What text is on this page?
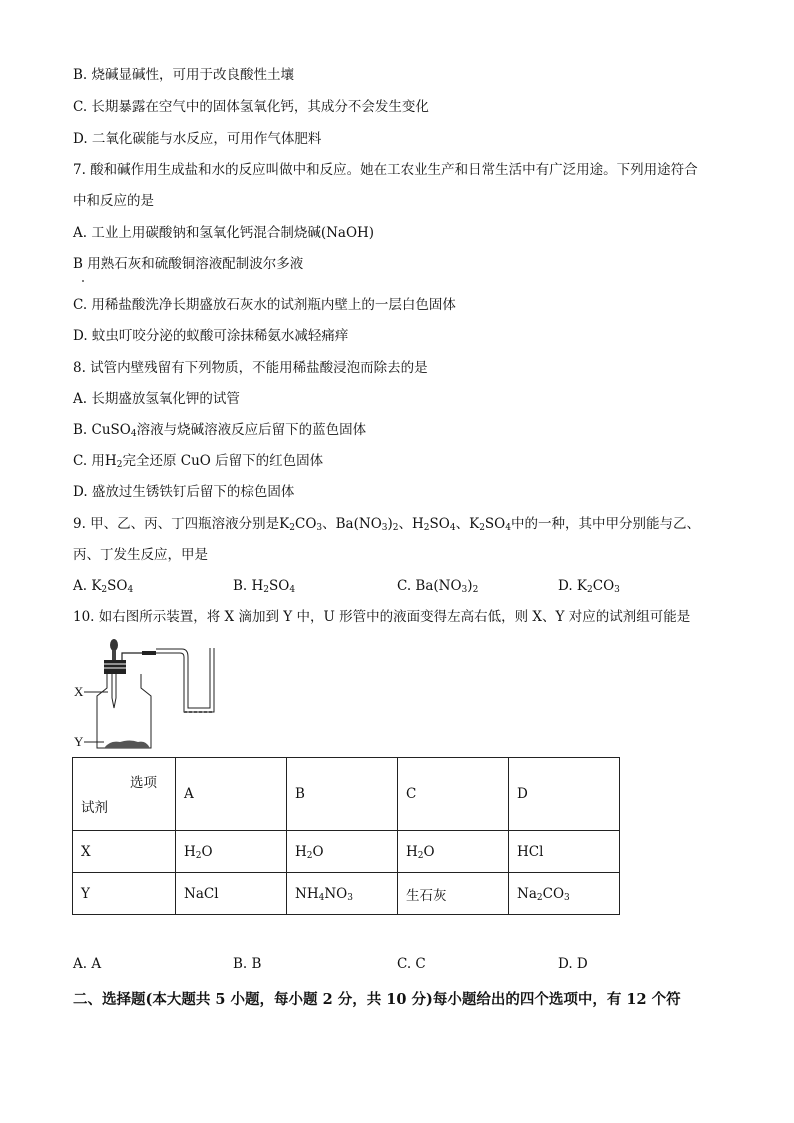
B. 烧碱显碱性，可用于改良酸性土壤
C. 长期暴露在空气中的固体氢氧化钙，其成分不会发生变化
D. 二氧化碳能与水反应，可用作气体肥料
7. 酸和碱作用生成盐和水的反应叫做中和反应。她在工农业生产和日常生活中有广泛用途。下列用途符合
中和反应的是
A. 工业上用碳酸钠和氢氧化钙混合制烧碱(NaOH)
B 用熟石灰和硫酸铜溶液配制波尔多液
C. 用稀盐酸洗净长期盛放石灰水的试剂瓶内壁上的一层白色固体
D. 蚊虫叮咬分泌的蚁酸可涂抹稀氨水减轻痛痒
8. 试管内壁残留有下列物质，不能用稀盐酸浸泡而除去的是
A. 长期盛放氢氧化钾的试管
B. CuSO$_4$溶液与烧碱溶液反应后留下的蓝色固体
C. 用$H_2$完全还原 CuO 后留下的红色固体
D. 盛放过生锈铁钉后留下的棕色固体
9. 甲、乙、丙、丁四瓶溶液分别是$K_2CO_3$、$Ba(NO_3)_2$、$H_2SO_4$、$K_2SO_4$中的一种，其中甲分别能与乙、
丙、丁发生反应，甲是
A. $K_2SO_4$	B. $H_2SO_4$	C. $Ba(NO_3)_2$	D. $K_2CO_3$
10. 如右图所示装置，将 X 滴加到 Y 中，U 形管中的液面变得左高右低，则 X、Y 对应的试剂组可能是
X
Y
选项
试剂	A	B	C	D
X	$H_2O$	$H_2O$	$H_2O$	HCl
Y	NaCl	$NH_4NO_3$	生石灰	$Na_2CO_3$
A. A	B. B	C. C	D. D
二、选择题(本大题共 5 小题，每小题 2 分，共 10 分)每小题给出的四个选项中，有 12 个符
